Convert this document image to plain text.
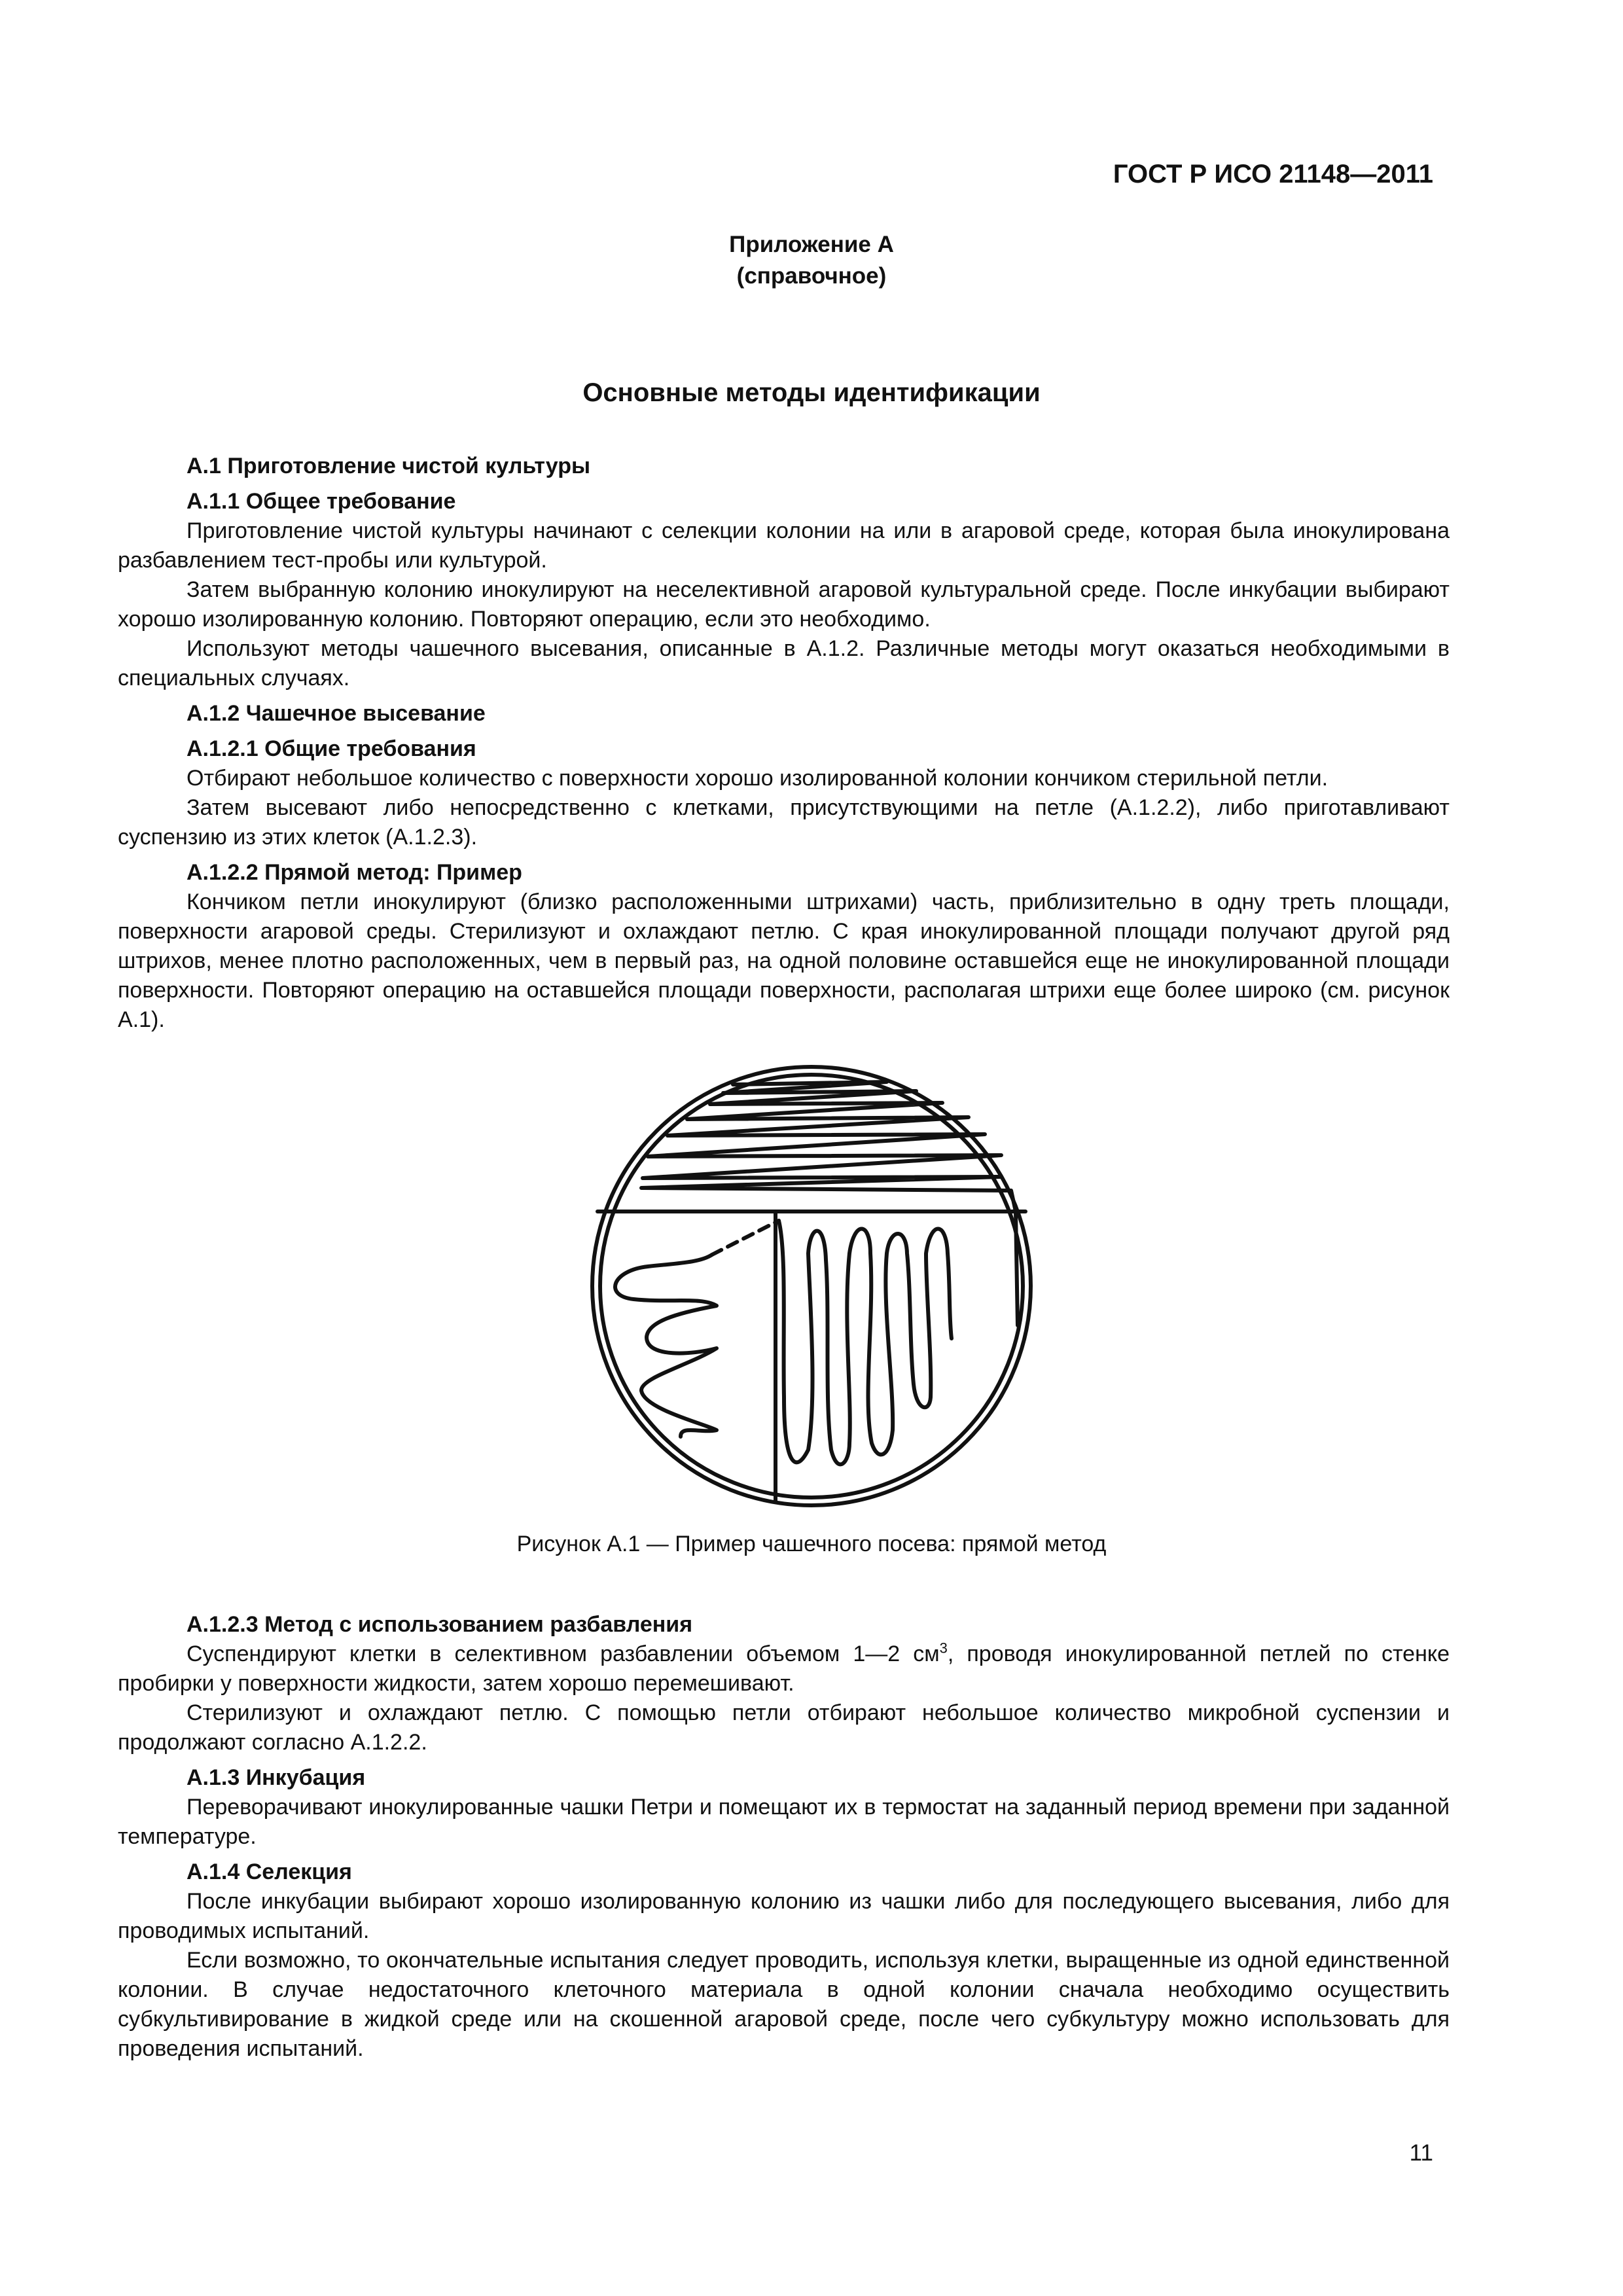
ГОСТ Р ИСО 21148—2011
Приложение А
(справочное)
Основные методы идентификации
А.1 Приготовление чистой культуры
А.1.1 Общее требование

Приготовление чистой культуры начинают с селекции колонии на или в агаровой среде, которая была инокулирована разбавлением тест-пробы или культурой.

Затем выбранную колонию инокулируют на неселективной агаровой культуральной среде. После инкубации выбирают хорошо изолированную колонию. Повторяют операцию, если это необходимо.

Используют методы чашечного высевания, описанные в А.1.2. Различные методы могут оказаться необходимыми в специальных случаях.

А.1.2 Чашечное высевание
А.1.2.1 Общие требования

Отбирают небольшое количество с поверхности хорошо изолированной колонии кончиком стерильной петли.

Затем высевают либо непосредственно с клетками, присутствующими на петле (А.1.2.2), либо приготавливают суспензию из этих клеток (А.1.2.3).

А.1.2.2 Прямой метод: Пример

Кончиком петли инокулируют (близко расположенными штрихами) часть, приблизительно в одну треть площади, поверхности агаровой среды. Стерилизуют и охлаждают петлю. С края инокулированной площади получают другой ряд штрихов, менее плотно расположенных, чем в первый раз, на одной половине оставшейся еще не инокулированной площади поверхности. Повторяют операцию на оставшейся площади поверхности, располагая штрихи еще более широко (см. рисунок А.1).

Рисунок А.1 — Пример чашечного посева: прямой метод
А.1.2.3 Метод с использованием разбавления

Суспендируют клетки в селективном разбавлении объемом 1—2 $см^3$, проводя инокулированной петлей по стенке пробирки у поверхности жидкости, затем хорошо перемешивают.

Стерилизуют и охлаждают петлю. С помощью петли отбирают небольшое количество микробной суспензии и продолжают согласно А.1.2.2.

А.1.3 Инкубация

Переворачивают инокулированные чашки Петри и помещают их в термостат на заданный период времени при заданной температуре.

А.1.4 Селекция

После инкубации выбирают хорошо изолированную колонию из чашки либо для последующего высевания, либо для проводимых испытаний.

Если возможно, то окончательные испытания следует проводить, используя клетки, выращенные из одной единственной колонии. В случае недостаточного клеточного материала в одной колонии сначала необходимо осуществить субкультивирование в жидкой среде или на скошенной агаровой среде, после чего субкультуру можно использовать для проведения испытаний.

11
